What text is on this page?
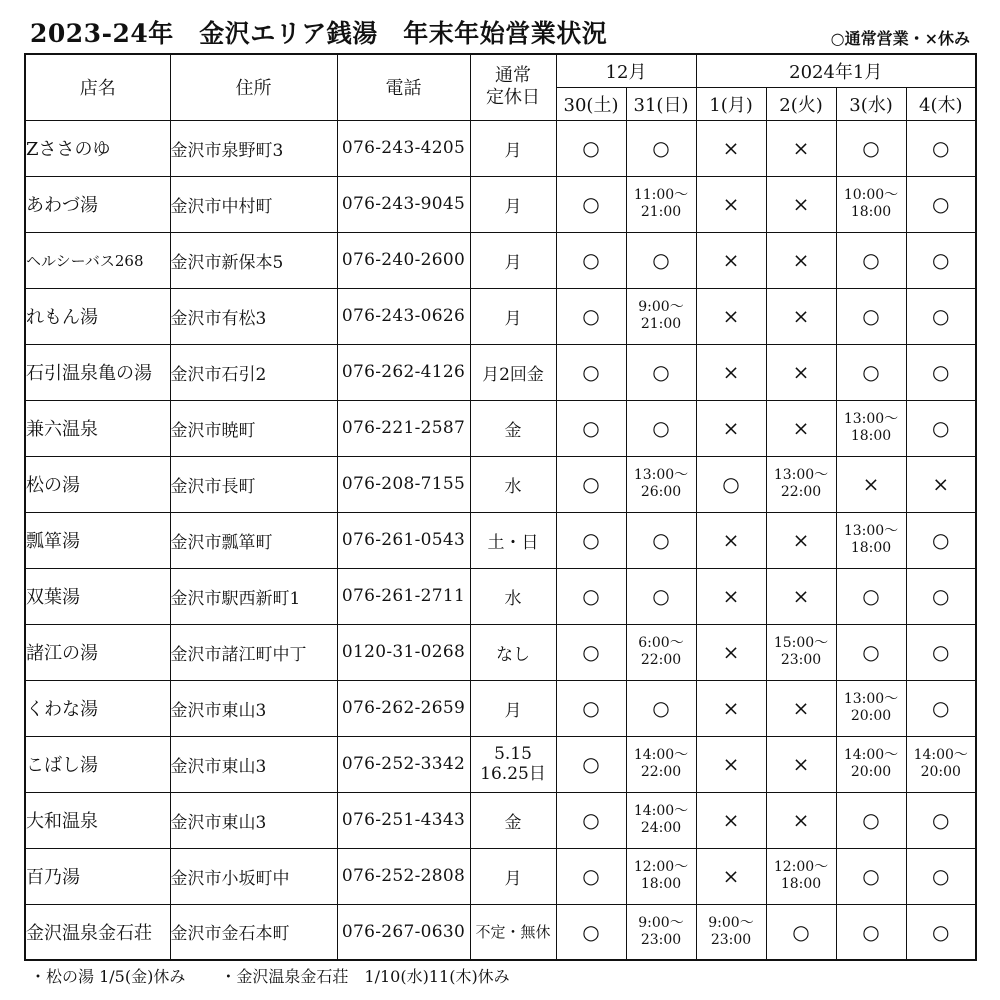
2023-24年　金沢エリア銭湯　年末年始営業状況	○通常営業・×休み
店名	住所	電話	通常
定休日	12月		2024年1月			
				30(土)	31(日)	1(月)	2(火)	3(水)	4(木)
Zささのゆ	金沢市泉野町3	076-243-4205	月	○	○	×	×	○	○
あわづ湯	金沢市中村町	076-243-9045	月	○	11:00～
21:00	×	×	10:00～
18:00	○
ヘルシーバス268	金沢市新保本5	076-240-2600	月	○	○	×	×	○	○
れもん湯	金沢市有松3	076-243-0626	月	○	9:00～
21:00	×	×	○	○
石引温泉亀の湯	金沢市石引2	076-262-4126	月2回金	○	○	×	×	○	○
兼六温泉	金沢市暁町	076-221-2587	金	○	○	×	×	13:00～
18:00	○
松の湯	金沢市長町	076-208-7155	水	○	13:00～
26:00	○	13:00～
22:00	×	×
瓢箪湯	金沢市瓢箪町	076-261-0543	土・日	○	○	×	×	13:00～
18:00	○
双葉湯	金沢市駅西新町1	076-261-2711	水	○	○	×	×	○	○
諸江の湯	金沢市諸江町中丁	0120-31-0268	なし	○	6:00～
22:00	×	15:00～
23:00	○	○
くわな湯	金沢市東山3	076-262-2659	月	○	○	×	×	13:00～
20:00	○
こばし湯	金沢市東山3	076-252-3342	5.15
16.25日	○	14:00～
22:00	×	×	14:00～
20:00	14:00～
20:00

大和温泉	金沢市東山3	076-251-4343	金	○	14:00～
24:00	×	×	○	○
百乃湯	金沢市小坂町中	076-252-2808	月	○	12:00～
18:00	×	12:00～
18:00	○	○
金沢温泉金石荘	金沢市金石本町	076-267-0630	不定・無休	○	9:00～
23:00	9:00～
23:00	○	○	○
・松の湯 1/5(金)休み ・金沢温泉金石荘　1/10(水)11(木)休み
